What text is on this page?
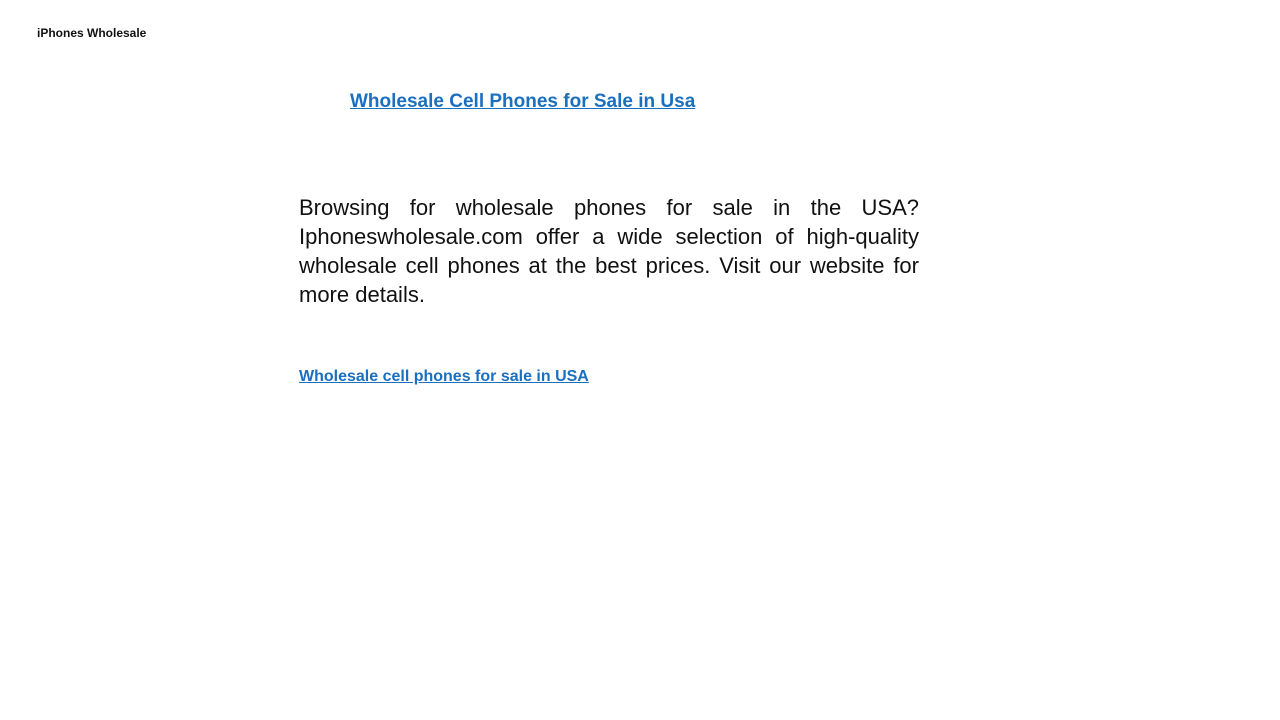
iPhones Wholesale
Wholesale Cell Phones for Sale in Usa

Browsing for wholesale phones for sale in the USA? Iphoneswholesale.com offer a wide selection of high-quality wholesale cell phones at the best prices. Visit our website for more details.

Wholesale cell phones for sale in USA
